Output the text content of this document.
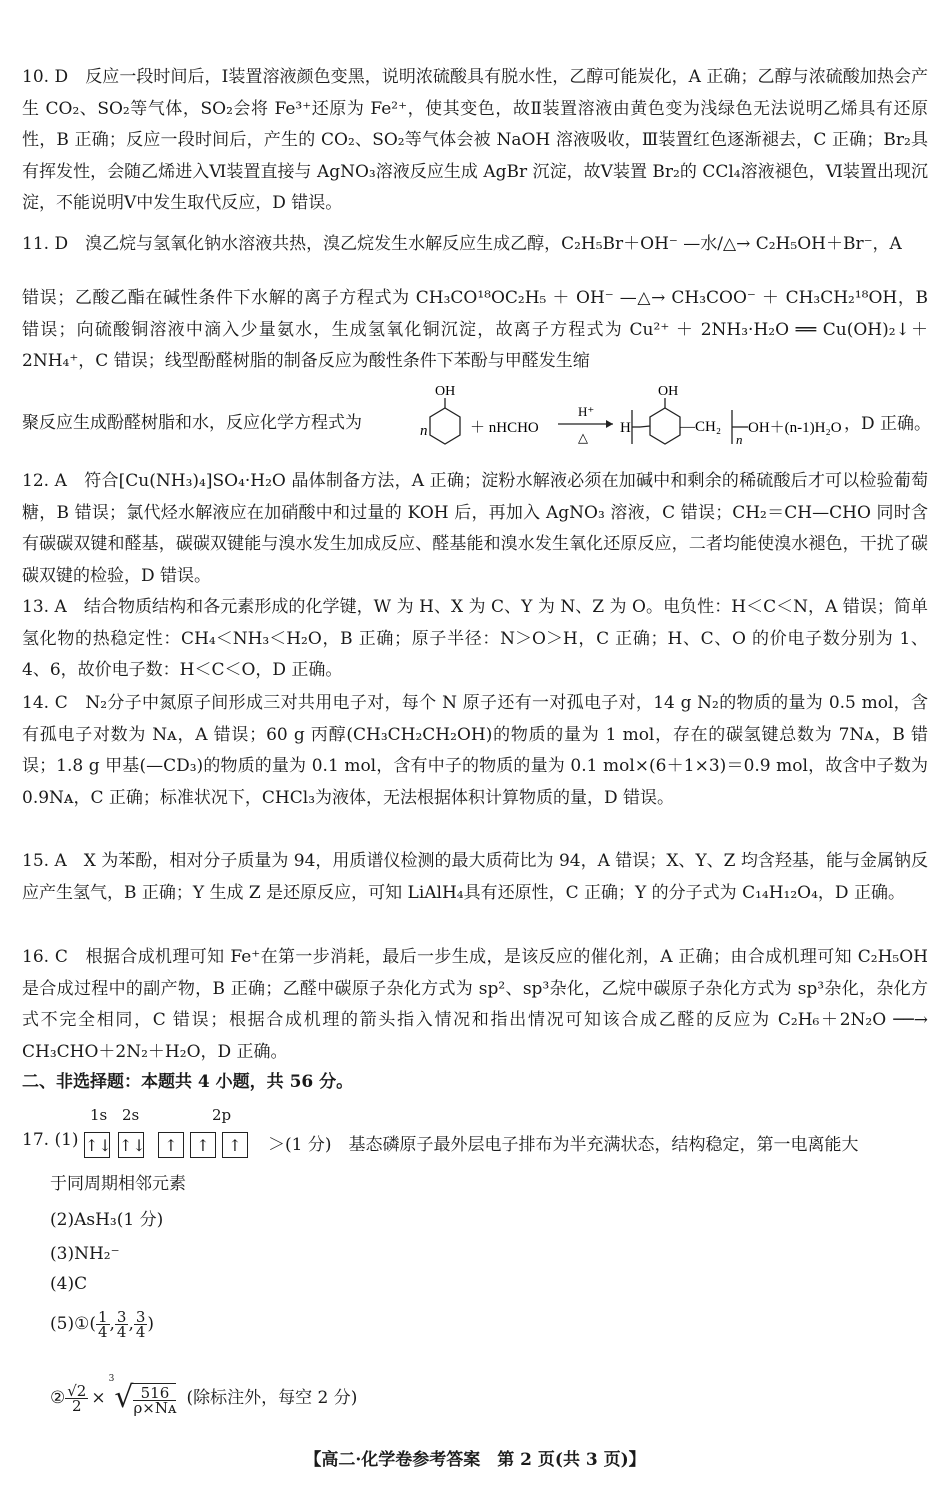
10. D　反应一段时间后，Ⅰ装置溶液颜色变黑，说明浓硫酸具有脱水性，乙醇可能炭化，A 正确；乙醇与浓硫酸加热会产生 CO₂、SO₂等气体，SO₂会将 Fe³⁺还原为 Fe²⁺，使其变色，故Ⅱ装置溶液由黄色变为浅绿色无法说明乙烯具有还原性，B 正确；反应一段时间后，产生的 CO₂、SO₂等气体会被 NaOH 溶液吸收，Ⅲ装置红色逐渐褪去，C 正确；Br₂具有挥发性，会随乙烯进入Ⅵ装置直接与 AgNO₃溶液反应生成 AgBr 沉淀，故Ⅴ装置 Br₂的 CCl₄溶液褪色，Ⅵ装置出现沉淀，不能说明Ⅴ中发生取代反应，D 错误。
11. D　溴乙烷与氢氧化钠水溶液共热，溴乙烷发生水解反应生成乙醇，C₂H₅Br＋OH⁻ —水/△→ C₂H₅OH＋Br⁻，A
错误；乙酸乙酯在碱性条件下水解的离子方程式为 CH₃CO¹⁸OC₂H₅ ＋ OH⁻ —△→ CH₃COO⁻ ＋ CH₃CH₂¹⁸OH，B 错误；向硫酸铜溶液中滴入少量氨水，生成氢氧化铜沉淀，故离子方程式为 Cu²⁺ ＋ 2NH₃·H₂O ══ Cu(OH)₂↓＋2NH₄⁺，C 错误；线型酚醛树脂的制备反应为酸性条件下苯酚与甲醛发生缩
聚反应生成酚醛树脂和水，反应化学方程式为	n
OH
＋ nHCHO
H⁺
△
H
OH
—CH₂
n
OH＋(n-1)H₂O ，D 正确。
12. A　符合[Cu(NH₃)₄]SO₄·H₂O 晶体制备方法，A 正确；淀粉水解液必须在加碱中和剩余的稀硫酸后才可以检验葡萄糖，B 错误；氯代烃水解液应在加硝酸中和过量的 KOH 后，再加入 AgNO₃ 溶液，C 错误；CH₂＝CH—CHO 同时含有碳碳双键和醛基，碳碳双键能与溴水发生加成反应、醛基能和溴水发生氧化还原反应，二者均能使溴水褪色，干扰了碳碳双键的检验，D 错误。
13. A　结合物质结构和各元素形成的化学键，W 为 H、X 为 C、Y 为 N、Z 为 O。电负性：H＜C＜N，A 错误；简单氢化物的热稳定性：CH₄＜NH₃＜H₂O，B 正确；原子半径：N＞O＞H，C 正确；H、C、O 的价电子数分别为 1、4、6，故价电子数：H＜C＜O，D 正确。
14. C　N₂分子中氮原子间形成三对共用电子对，每个 N 原子还有一对孤电子对，14 g N₂的物质的量为 0.5 mol，含有孤电子对数为 Nᴀ，A 错误；60 g 丙醇(CH₃CH₂CH₂OH)的物质的量为 1 mol，存在的碳氢键总数为 7Nᴀ，B 错误；1.8 g 甲基(—CD₃)的物质的量为 0.1 mol，含有中子的物质的量为 0.1 mol×(6＋1×3)＝0.9 mol，故含中子数为 0.9Nᴀ，C 正确；标准状况下，CHCl₃为液体，无法根据体积计算物质的量，D 错误。
15. A　X 为苯酚，相对分子质量为 94，用质谱仪检测的最大质荷比为 94，A 错误；X、Y、Z 均含羟基，能与金属钠反应产生氢气，B 正确；Y 生成 Z 是还原反应，可知 LiAlH₄具有还原性，C 正确；Y 的分子式为 C₁₄H₁₂O₄，D 正确。
16. C　根据合成机理可知 Fe⁺在第一步消耗，最后一步生成，是该反应的催化剂，A 正确；由合成机理可知 C₂H₅OH 是合成过程中的副产物，B 正确；乙醛中碳原子杂化方式为 sp²、sp³杂化，乙烷中碳原子杂化方式为 sp³杂化，杂化方式不完全相同，C 错误；根据合成机理的箭头指入情况和指出情况可知该合成乙醛的反应为 C₂H₆＋2N₂O ──→ CH₃CHO＋2N₂＋H₂O，D 正确。
二、非选择题：本题共 4 小题，共 56 分。
17. (1)
1s 2s	2p
↑↓ ↑↓	↑	↑	↑	＞(1 分)　基态磷原子最外层电子排布为半充满状态，结构稳定，第一电离能大
于同周期相邻元素
(2)AsH₃(1 分)
(3)NH₂⁻
(4)C
(5)①( $\frac{1}{4}$ , $\frac{3}{4}$ , $\frac{3}{4}$ )
② $\frac{√2}{2} \times^3√ \frac{516}{\text{ρ×Nᴀ}}$ (除标注外，每空 2 分)
【高二·化学卷参考答案　第 2 页(共 3 页)】
